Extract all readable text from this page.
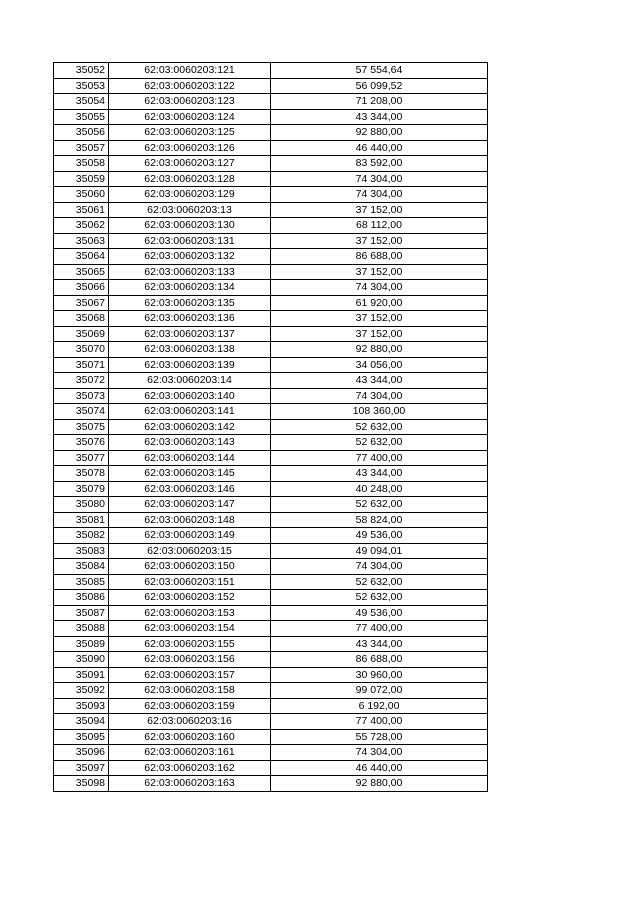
35052	62:03:0060203:121	57 554,64
35053	62:03:0060203:122	56 099,52
35054	62:03:0060203:123	71 208,00
35055	62:03:0060203:124	43 344,00
35056	62:03:0060203:125	92 880,00
35057	62:03:0060203:126	46 440,00
35058	62:03:0060203:127	83 592,00
35059	62:03:0060203:128	74 304,00
35060	62:03:0060203:129	74 304,00
35061	62:03:0060203:13	37 152,00
35062	62:03:0060203:130	68 112,00
35063	62:03:0060203:131	37 152,00
35064	62:03:0060203:132	86 688,00
35065	62:03:0060203:133	37 152,00
35066	62:03:0060203:134	74 304,00
35067	62:03:0060203:135	61 920,00
35068	62:03:0060203:136	37 152,00
35069	62:03:0060203:137	37 152,00
35070	62:03:0060203:138	92 880,00
35071	62:03:0060203:139	34 056,00
35072	62:03:0060203:14	43 344,00
35073	62:03:0060203:140	74 304,00
35074	62:03:0060203:141	108 360,00
35075	62:03:0060203:142	52 632,00
35076	62:03:0060203:143	52 632,00
35077	62:03:0060203:144	77 400,00
35078	62:03:0060203:145	43 344,00
35079	62:03:0060203:146	40 248,00
35080	62:03:0060203:147	52 632,00
35081	62:03:0060203:148	58 824,00
35082	62:03:0060203:149	49 536,00
35083	62:03:0060203:15	49 094,01
35084	62:03:0060203:150	74 304,00
35085	62:03:0060203:151	52 632,00
35086	62:03:0060203:152	52 632,00
35087	62:03:0060203:153	49 536,00
35088	62:03:0060203:154	77 400,00
35089	62:03:0060203:155	43 344,00
35090	62:03:0060203:156	86 688,00
35091	62:03:0060203:157	30 960,00
35092	62:03:0060203:158	99 072,00
35093	62:03:0060203:159	6 192,00
35094	62:03:0060203:16	77 400,00
35095	62:03:0060203:160	55 728,00
35096	62:03:0060203:161	74 304,00
35097	62:03:0060203:162	46 440,00
35098	62:03:0060203:163	92 880,00
